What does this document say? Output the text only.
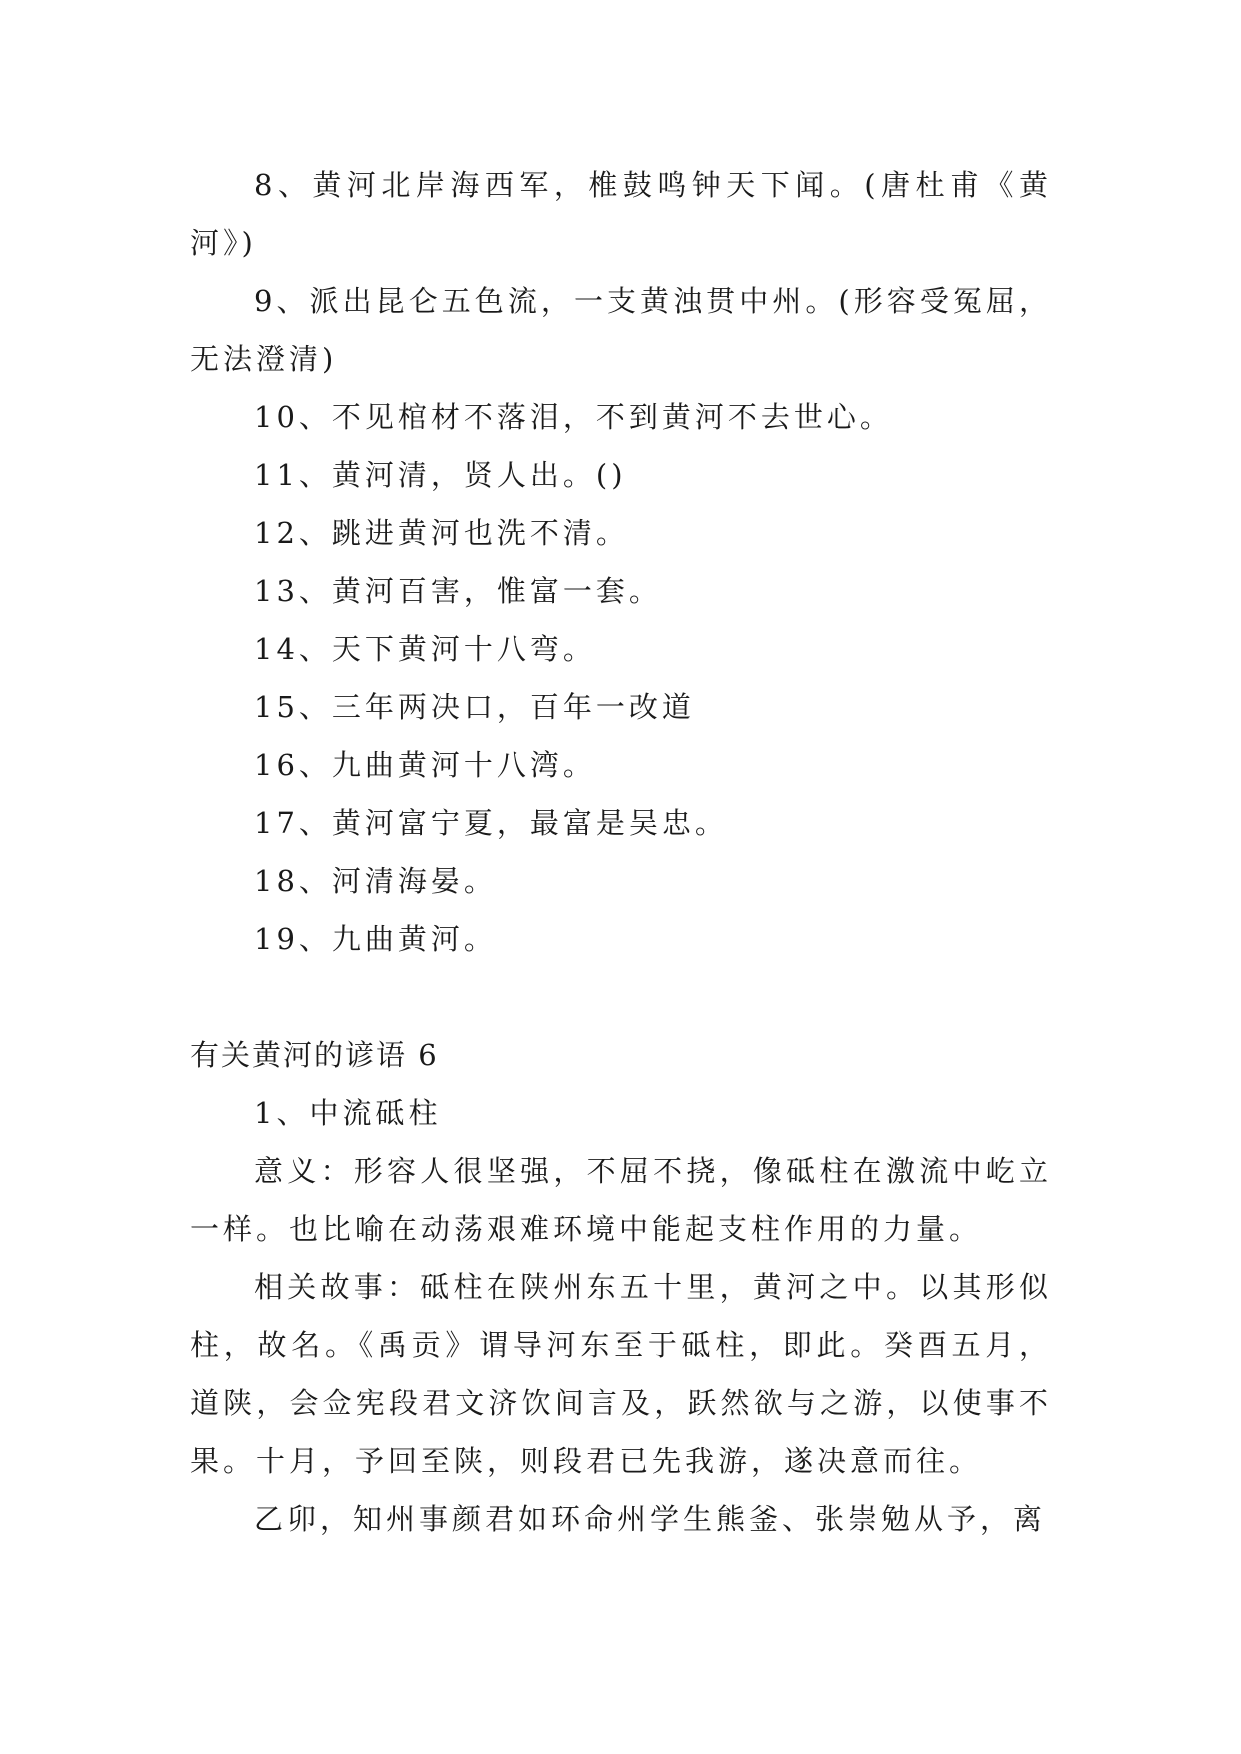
8、黄河北岸海西军，椎鼓鸣钟天下闻。(唐杜甫《黄河》)

9、派出昆仑五色流，一支黄浊贯中州。(形容受冤屈，无法澄清)

10、不见棺材不落泪，不到黄河不去世心。

11、黄河清，贤人出。()

12、跳进黄河也洗不清。

13、黄河百害，惟富一套。

14、天下黄河十八弯。

15、三年两决口，百年一改道

16、九曲黄河十八湾。

17、黄河富宁夏，最富是吴忠。

18、河清海晏。

19、九曲黄河。

有关黄河的谚语 6

1、中流砥柱

意义：形容人很坚强，不屈不挠，像砥柱在激流中屹立一样。也比喻在动荡艰难环境中能起支柱作用的力量。

相关故事：砥柱在陕州东五十里，黄河之中。以其形似柱，故名。《禹贡》谓导河东至于砥柱，即此。癸酉五月，道陕，会佥宪段君文济饮间言及，跃然欲与之游，以使事不果。十月，予回至陕，则段君已先我游，遂决意而往。

乙卯，知州事颜君如环命州学生熊釜、张崇勉从予，离
